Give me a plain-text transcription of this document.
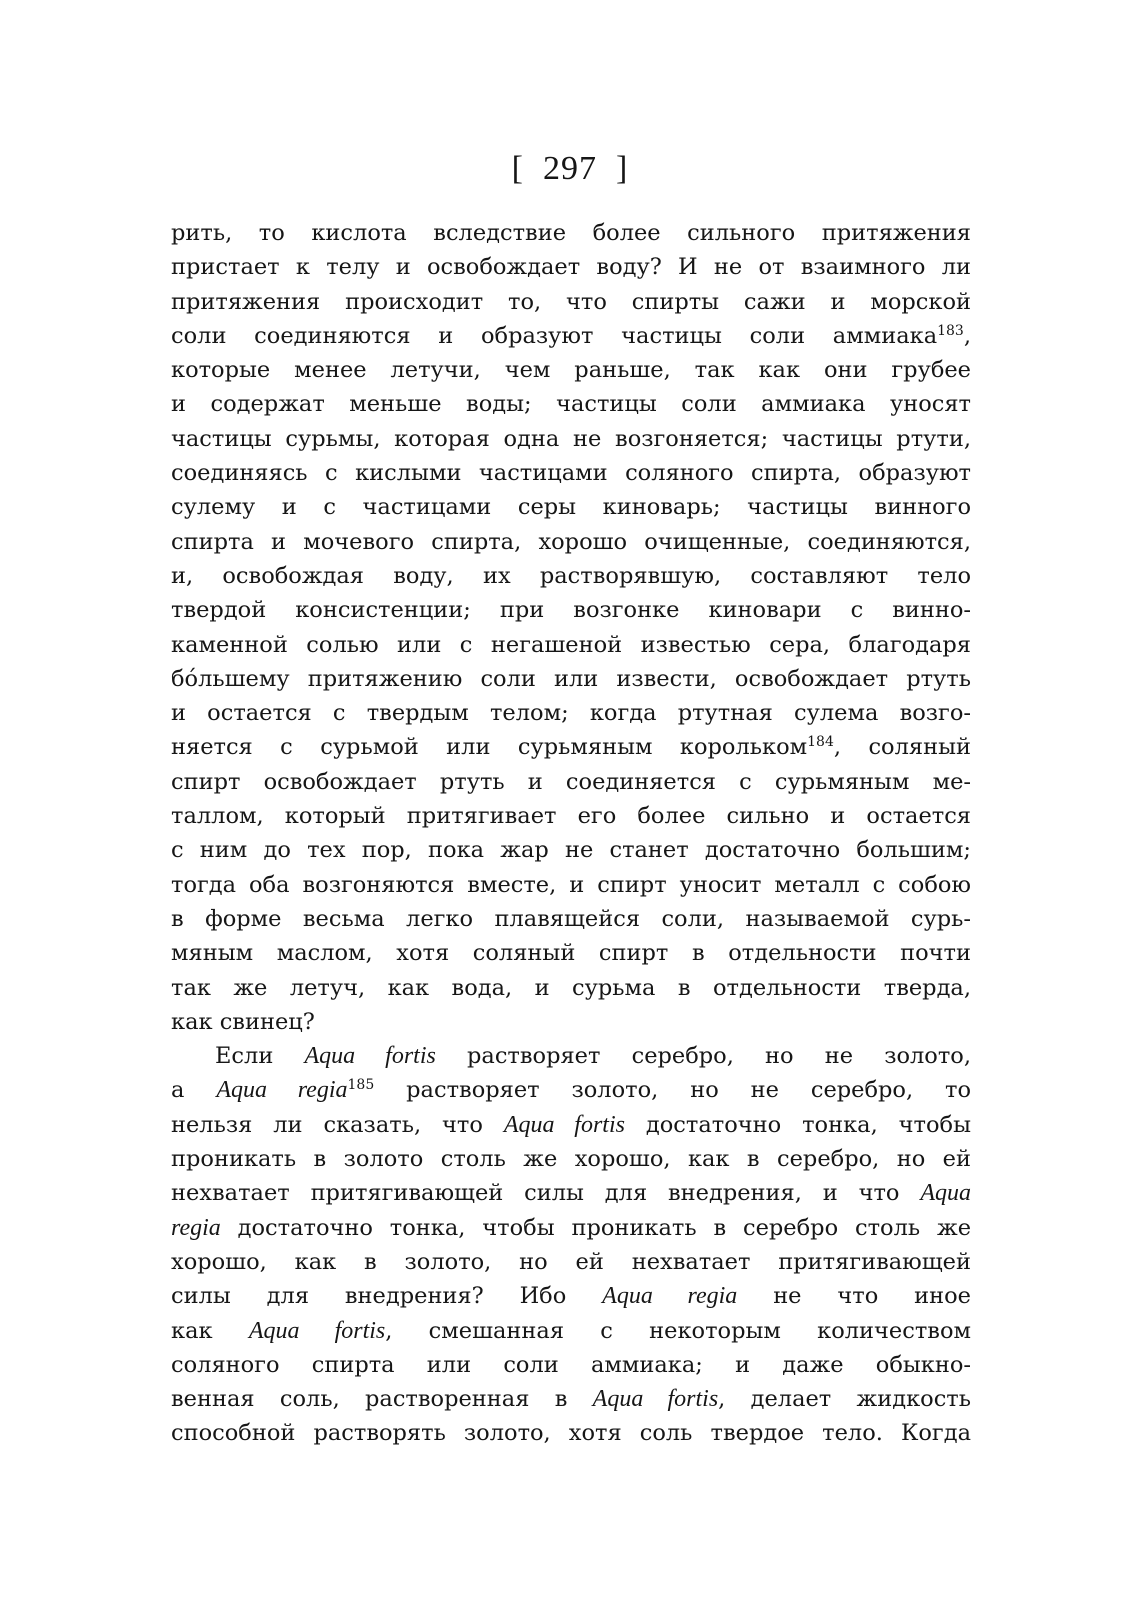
[  297  ]
рить, то кислота вследствие более сильного притяжения
пристает к телу и освобождает воду? И не от взаимного ли
притяжения происходит то, что спирты сажи и морской
соли соединяются и образуют частицы соли аммиака$^{183}$,
которые менее летучи, чем раньше, так как они грубее
и содержат меньше воды; частицы соли аммиака уносят
частицы сурьмы, которая одна не возгоняется; частицы ртути,
соединяясь с кислыми частицами соляного спирта, образуют
сулему и с частицами серы киноварь; частицы винного
спирта и мочевого спирта, хорошо очищенные, соединяются,
и, освобождая воду, их растворявшую, составляют тело
твердой консистенции; при возгонке киновари с винно-
каменной солью или с негашеной известью сера, благодаря
бо́льшему притяжению соли или извести, освобождает ртуть
и остается с твердым телом; когда ртутная сулема возго-
няется с сурьмой или сурьмяным корольком$^{184}$, соляный
спирт освобождает ртуть и соединяется с сурьмяным ме-
таллом, который притягивает его более сильно и остается
с ним до тех пор, пока жар не станет достаточно большим;
тогда оба возгоняются вместе, и спирт уносит металл с собою
в форме весьма легко плавящейся соли, называемой сурь-
мяным маслом, хотя соляный спирт в отдельности почти
так же летуч, как вода, и сурьма в отдельности тверда,
как свинец?
Если Aqua fortis растворяет серебро, но не золото,
а Aqua regia$^{185}$ растворяет золото, но не серебро, то
нельзя ли сказать, что Aqua fortis достаточно тонка, чтобы
проникать в золото столь же хорошо, как в серебро, но ей
нехватает притягивающей силы для внедрения, и что Aqua
regia достаточно тонка, чтобы проникать в серебро столь же
хорошо, как в золото, но ей нехватает притягивающей
силы для внедрения? Ибо Aqua regia не что иное
как Aqua fortis, смешанная с некоторым количеством
соляного спирта или соли аммиака; и даже обыкно-
венная соль, растворенная в Aqua fortis, делает жидкость
способной растворять золото, хотя соль твердое тело. Когда
